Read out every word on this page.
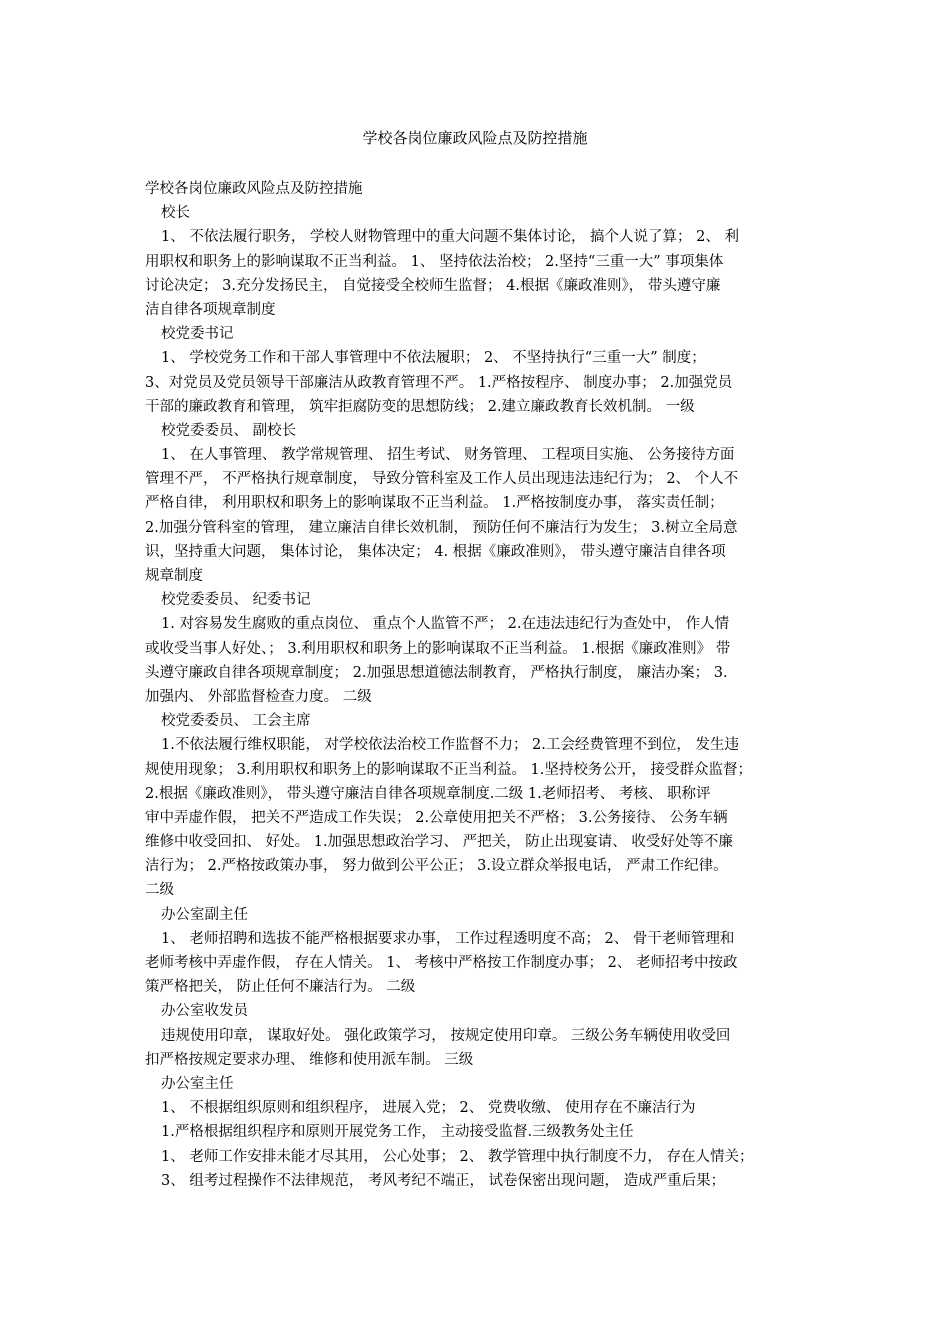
学校各岗位廉政风险点及防控措施
学校各岗位廉政风险点及防控措施
校长
1、 不依法履行职务， 学校人财物管理中的重大问题不集体讨论， 搞个人说了算； 2、 利
用职权和职务上的影响谋取不正当利益。 1、 坚持依法治校； 2.坚持“三重一大” 事项集体
讨论决定； 3.充分发扬民主， 自觉接受全校师生监督； 4.根据《廉政准则》， 带头遵守廉
洁自律各项规章制度
校党委书记
1、 学校党务工作和干部人事管理中不依法履职； 2、 不坚持执行“三重一大” 制度；
3、对党员及党员领导干部廉洁从政教育管理不严。 1.严格按程序、 制度办事； 2.加强党员
干部的廉政教育和管理， 筑牢拒腐防变的思想防线； 2.建立廉政教育长效机制。 一级
校党委委员、 副校长
1、 在人事管理、 教学常规管理、 招生考试、 财务管理、 工程项目实施、 公务接待方面
管理不严， 不严格执行规章制度， 导致分管科室及工作人员出现违法违纪行为； 2、 个人不
严格自律， 利用职权和职务上的影响谋取不正当利益。 1.严格按制度办事， 落实责任制；
2.加强分管科室的管理， 建立廉洁自律长效机制， 预防任何不廉洁行为发生； 3.树立全局意
识，坚持重大问题， 集体讨论， 集体决定； 4. 根据《廉政准则》， 带头遵守廉洁自律各项
规章制度
校党委委员、 纪委书记
1. 对容易发生腐败的重点岗位、 重点个人监管不严； 2.在违法违纪行为查处中， 作人情
或收受当事人好处、； 3.利用职权和职务上的影响谋取不正当利益。 1.根据《廉政准则》 带
头遵守廉政自律各项规章制度； 2.加强思想道德法制教育， 严格执行制度， 廉洁办案； 3.
加强内、 外部监督检查力度。 二级
校党委委员、 工会主席
1.不依法履行维权职能， 对学校依法治校工作监督不力； 2.工会经费管理不到位， 发生违
规使用现象； 3.利用职权和职务上的影响谋取不正当利益。 1.坚持校务公开， 接受群众监督；
2.根据《廉政准则》， 带头遵守廉洁自律各项规章制度.二级 1.老师招考、 考核、 职称评
审中弄虚作假， 把关不严造成工作失误； 2.公章使用把关不严格； 3.公务接待、 公务车辆
维修中收受回扣、 好处。 1.加强思想政治学习、 严把关， 防止出现宴请、 收受好处等不廉
洁行为； 2.严格按政策办事， 努力做到公平公正； 3.设立群众举报电话， 严肃工作纪律。
二级
办公室副主任
1、 老师招聘和选拔不能严格根据要求办事， 工作过程透明度不高； 2、 骨干老师管理和
老师考核中弄虚作假， 存在人情关。 1、 考核中严格按工作制度办事； 2、 老师招考中按政
策严格把关， 防止任何不廉洁行为。 二级
办公室收发员
违规使用印章， 谋取好处。 强化政策学习， 按规定使用印章。 三级公务车辆使用收受回
扣严格按规定要求办理、 维修和使用派车制。 三级
办公室主任
1、 不根据组织原则和组织程序， 进展入党； 2、 党费收缴、 使用存在不廉洁行为
1.严格根据组织程序和原则开展党务工作， 主动接受监督.三级教务处主任
1、 老师工作安排未能才尽其用， 公心处事； 2、 教学管理中执行制度不力， 存在人情关；
3、 组考过程操作不法律规范， 考风考纪不端正， 试卷保密出现问题， 造成严重后果；
